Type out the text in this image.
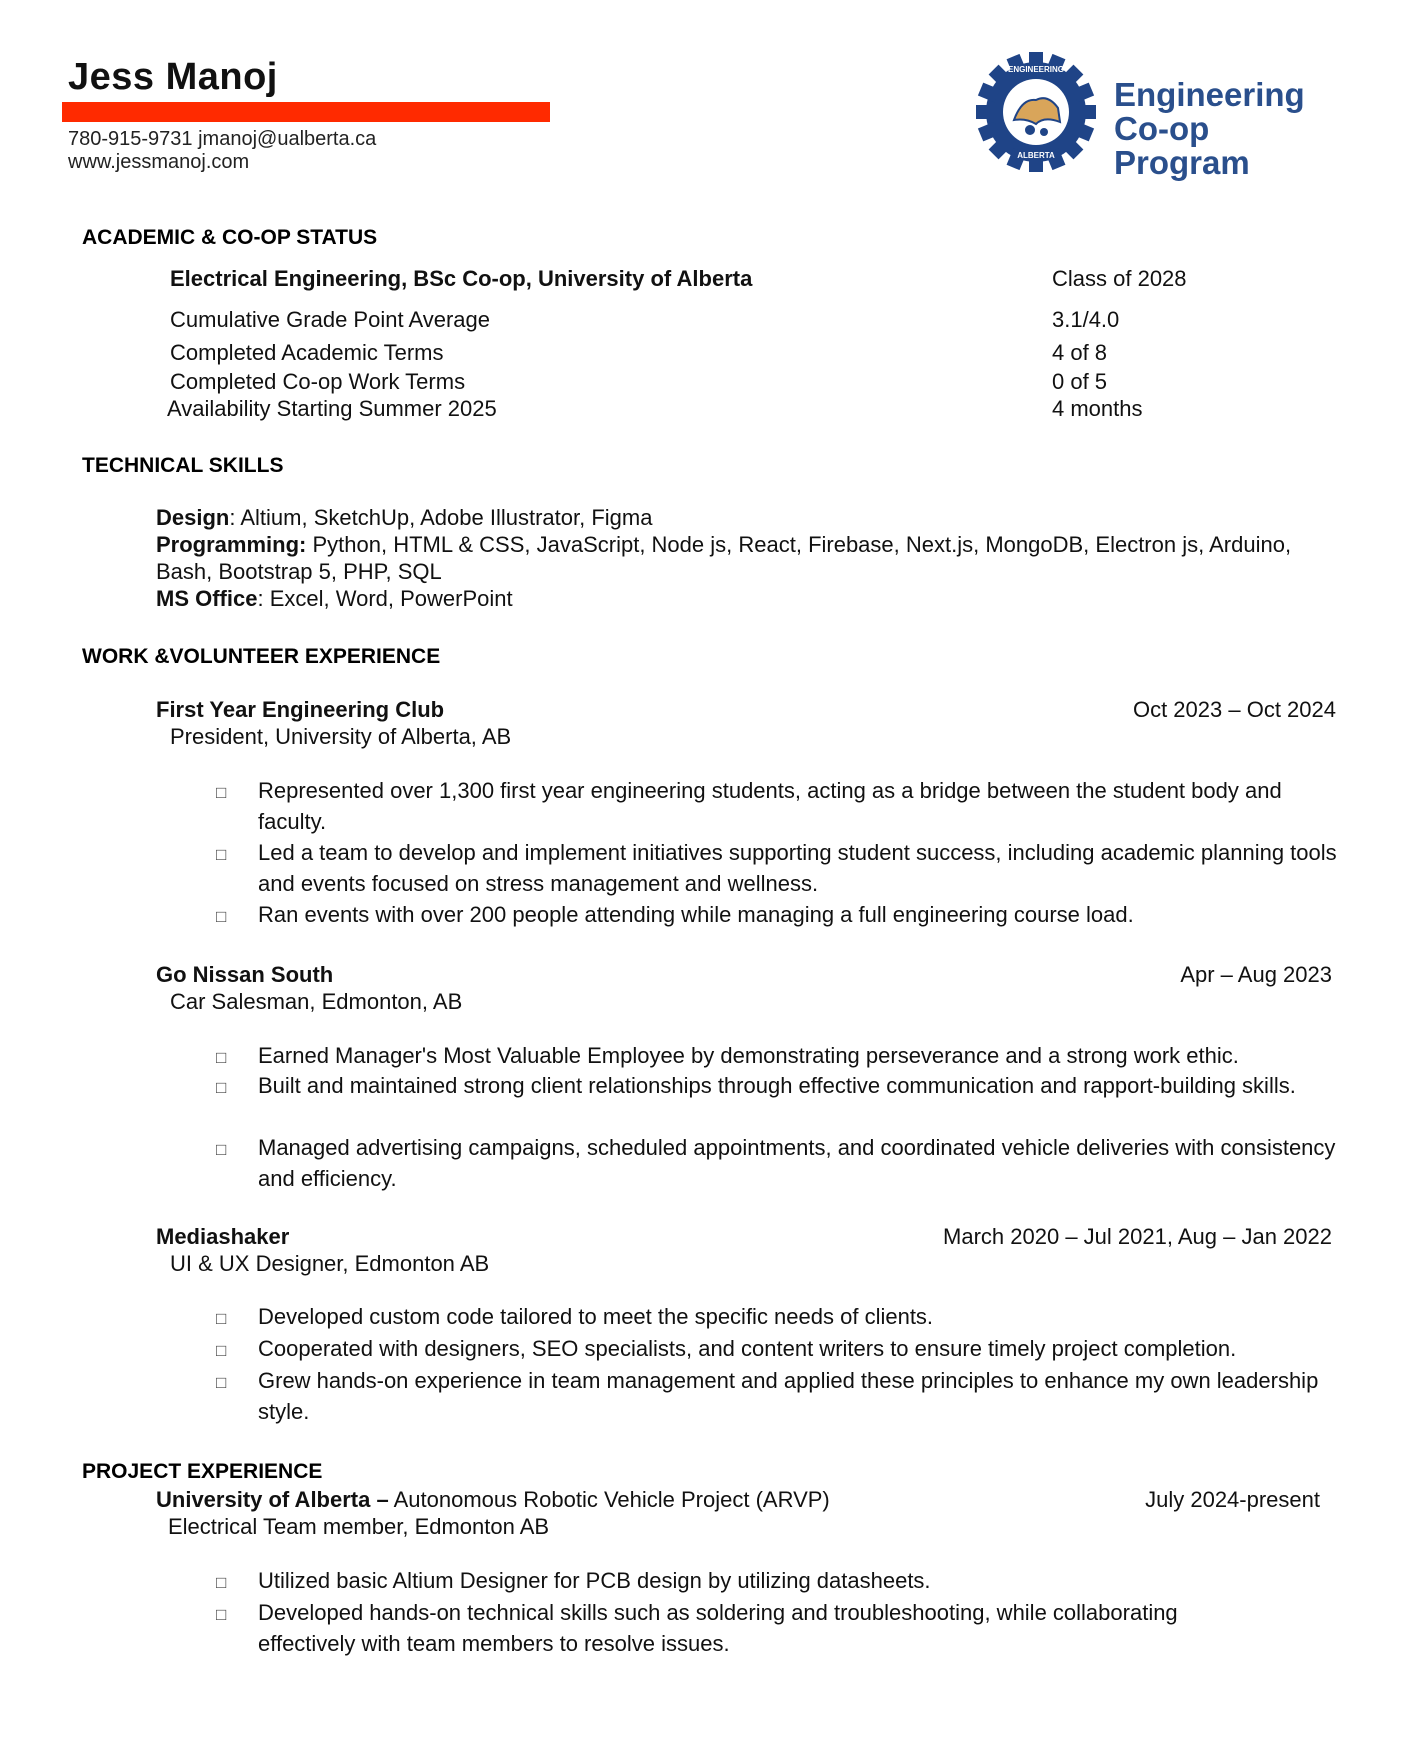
Jess Manoj
780-915-9731 jmanoj@ualberta.ca
www.jessmanoj.com
ENGINEERING
ALBERTA
Engineering
Co-op Program
ACADEMIC & CO-OP STATUS
Electrical Engineering, BSc Co-op, University of Alberta	Class of 2028
Cumulative Grade Point Average	3.1/4.0
Completed Academic Terms	4 of 8
Completed Co-op Work Terms	0 of 5
Availability Starting Summer 2025	4 months
TECHNICAL SKILLS
Design: Altium, SketchUp, Adobe Illustrator, Figma
Programming: Python, HTML & CSS, JavaScript, Node js, React, Firebase, Next.js, MongoDB, Electron js, Arduino, Bash, Bootstrap 5, PHP, SQL
MS Office: Excel, Word, PowerPoint
WORK &VOLUNTEER EXPERIENCE
First Year Engineering Club	Oct 2023 – Oct 2024
President, University of Alberta, AB
□ Represented over 1,300 first year engineering students, acting as a bridge between the student body and faculty.
□ Led a team to develop and implement initiatives supporting student success, including academic planning tools and events focused on stress management and wellness.
□ Ran events with over 200 people attending while managing a full engineering course load.
Go Nissan South	Apr – Aug 2023
Car Salesman, Edmonton, AB
□ Earned Manager's Most Valuable Employee by demonstrating perseverance and a strong work ethic.
□ Built and maintained strong client relationships through effective communication and rapport-building skills.
□ Managed advertising campaigns, scheduled appointments, and coordinated vehicle deliveries with consistency and efficiency.
Mediashaker	March 2020 – Jul 2021, Aug – Jan 2022
UI & UX Designer, Edmonton AB
□ Developed custom code tailored to meet the specific needs of clients.
□ Cooperated with designers, SEO specialists, and content writers to ensure timely project completion.
□ Grew hands-on experience in team management and applied these principles to enhance my own leadership style.
PROJECT EXPERIENCE
University of Alberta – Autonomous Robotic Vehicle Project (ARVP)	July 2024-present
Electrical Team member, Edmonton AB
□ Utilized basic Altium Designer for PCB design by utilizing datasheets.
□ Developed hands-on technical skills such as soldering and troubleshooting, while collaborating effectively with team members to resolve issues.
